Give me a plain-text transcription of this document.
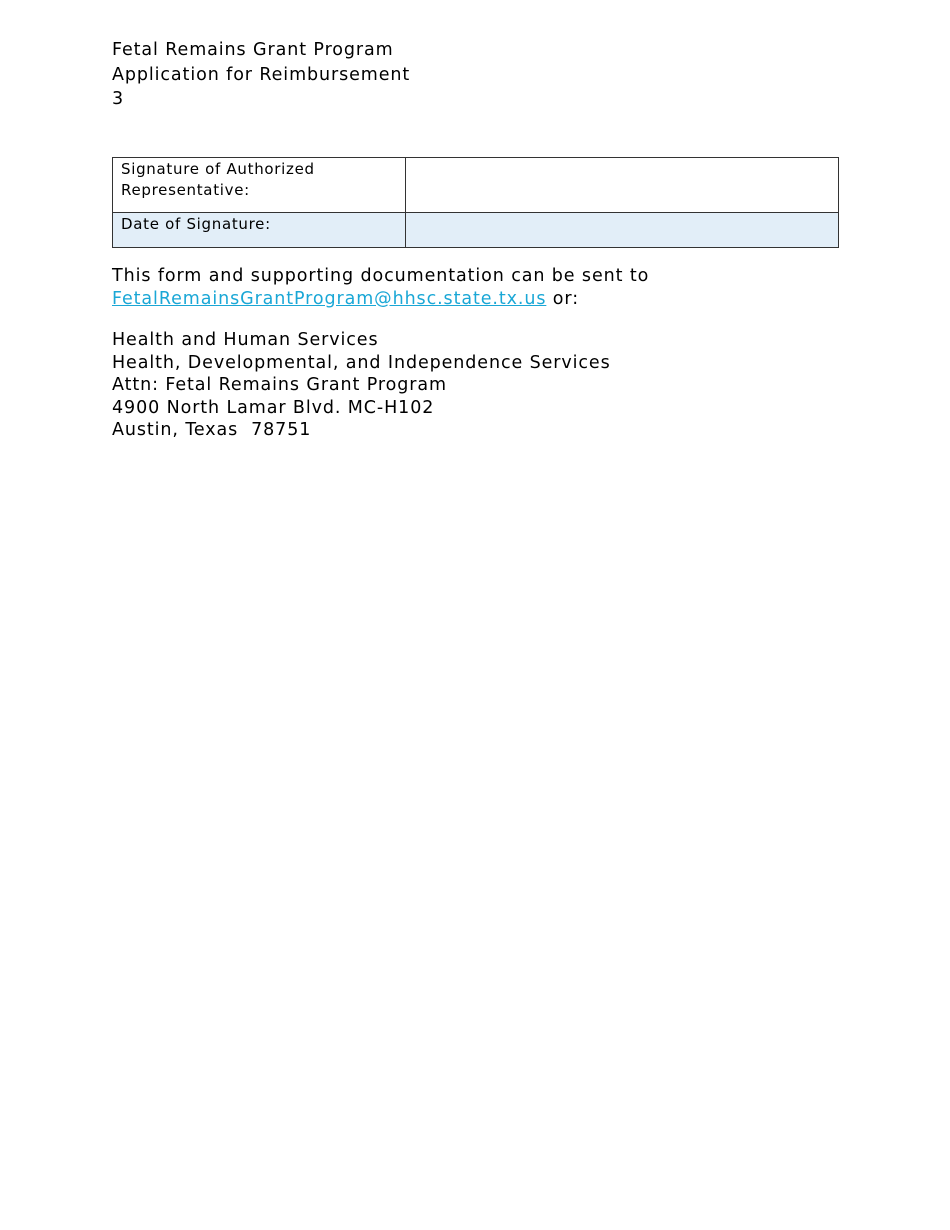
Fetal Remains Grant Program
Application for Reimbursement
3
Signature of Authorized Representative:	
Date of Signature:	
This form and supporting documentation can be sent to
FetalRemainsGrantProgram@hhsc.state.tx.us or:
Health and Human Services
Health, Developmental, and Independence Services
Attn: Fetal Remains Grant Program
4900 North Lamar Blvd. MC-H102
Austin, Texas  78751
